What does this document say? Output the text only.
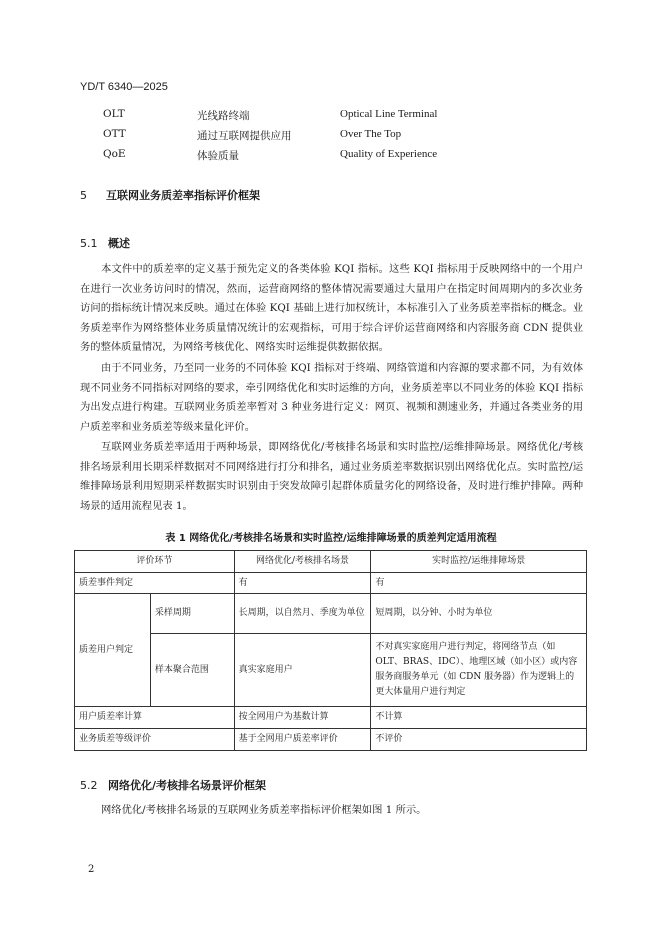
YD/T 6340—2025
OLT	光线路终端	Optical Line Terminal
OTT	通过互联网提供应用	Over The Top
QoE	体验质量	Quality of Experience
5 互联网业务质差率指标评价框架
5.1 概述

本文件中的质差率的定义基于预先定义的各类体验 KQI 指标。这些 KQI 指标用于反映网络中的一个用户在进行一次业务访问时的情况，然而，运营商网络的整体情况需要通过大量用户在指定时间周期内的多次业务访问的指标统计情况来反映。通过在体验 KQI 基础上进行加权统计，本标准引入了业务质差率指标的概念。业务质差率作为网络整体业务质量情况统计的宏观指标，可用于综合评价运营商网络和内容服务商 CDN 提供业务的整体质量情况，为网络考核优化、网络实时运维提供数据依据。

由于不同业务，乃至同一业务的不同体验 KQI 指标对于终端、网络管道和内容源的要求都不同，为有效体现不同业务不同指标对网络的要求，牵引网络优化和实时运维的方向，业务质差率以不同业务的体验 KQI 指标为出发点进行构建。互联网业务质差率暂对 3 种业务进行定义：网页、视频和测速业务，并通过各类业务的用户质差率和业务质差等级来量化评价。

互联网业务质差率适用于两种场景，即网络优化/考核排名场景和实时监控/运维排障场景。网络优化/考核排名场景利用长期采样数据对不同网络进行打分和排名，通过业务质差率数据识别出网络优化点。实时监控/运维排障场景利用短期采样数据实时识别由于突发故障引起群体质量劣化的网络设备，及时进行维护排障。两种场景的适用流程见表 1。

表 1 网络优化/考核排名场景和实时监控/运维排障场景的质差判定适用流程
评价环节		网络优化/考核排名场景	实时监控/运维排障场景
质差事件判定		有	有
质差用户判定	采样周期	长周期，以自然月、季度为单位	短周期，以分钟、小时为单位
	样本聚合范围	真实家庭用户	不对真实家庭用户进行判定，将网络节点（如 OLT、BRAS、IDC）、地理区域（如小区）或内容服务商服务单元（如 CDN 服务器）作为逻辑上的更大体量用户进行判定
用户质差率计算		按全网用户为基数计算	不计算
业务质差等级评价		基于全网用户质差率评价	不评价
5.2 网络优化/考核排名场景评价框架

网络优化/考核排名场景的互联网业务质差率指标评价框架如图 1 所示。

2
